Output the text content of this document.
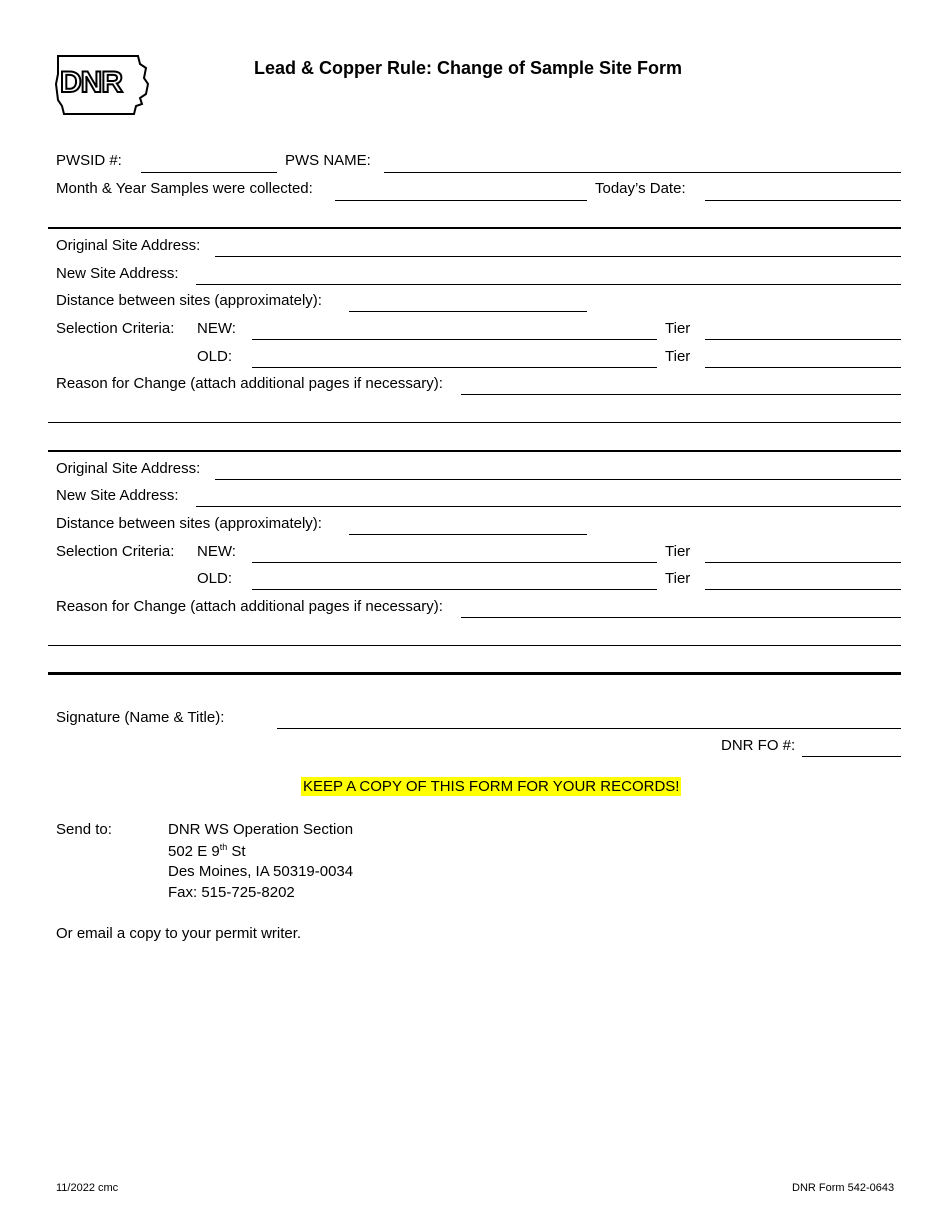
DNR	Lead & Copper Rule: Change of Sample Site Form
PWSID #:	PWS NAME:
Month & Year Samples were collected:	Today’s Date:
Original Site Address:
New Site Address:
Distance between sites (approximately):
Selection Criteria: NEW:	Tier
OLD:	Tier
Reason for Change (attach additional pages if necessary):
Original Site Address:
New Site Address:
Distance between sites (approximately):
Selection Criteria: NEW:	Tier
OLD:	Tier
Reason for Change (attach additional pages if necessary):
Signature (Name & Title):
DNR FO #:
KEEP A COPY OF THIS FORM FOR YOUR RECORDS!
Send to:	DNR WS Operation Section
502 E 9th St
Des Moines, IA 50319-0034
Fax: 515-725-8202
Or email a copy to your permit writer.
11/2022 cmc	DNR Form 542-0643
